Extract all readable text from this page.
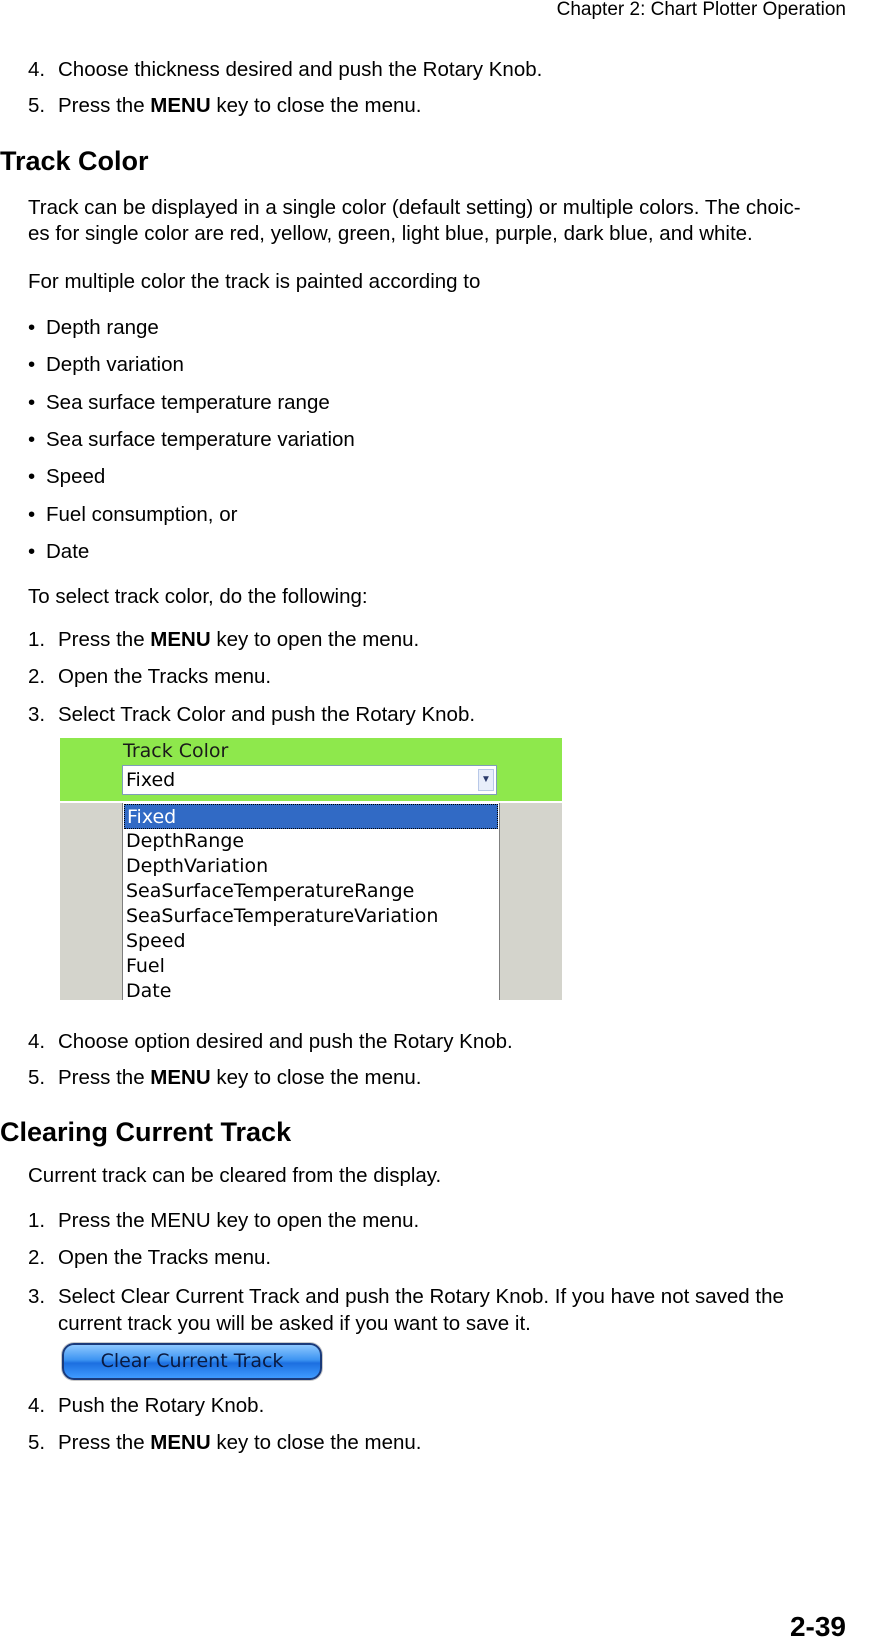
Chapter 2: Chart Plotter Operation
4. Choose thickness desired and push the Rotary Knob.
5. Press the MENU key to close the menu.
Track Color
Track can be displayed in a single color (default setting) or multiple colors. The choic-
es for single color are red, yellow, green, light blue, purple, dark blue, and white.
For multiple color the track is painted according to
• Depth range
• Depth variation
• Sea surface temperature range
• Sea surface temperature variation
• Speed
• Fuel consumption, or
• Date
To select track color, do the following:
1. Press the MENU key to open the menu.
2. Open the Tracks menu.
3. Select Track Color and push the Rotary Knob.
Track Color
Fixed	▼
Fixed
DepthRange
DepthVariation
SeaSurfaceTemperatureRange
SeaSurfaceTemperatureVariation
Speed
Fuel
Date
4. Choose option desired and push the Rotary Knob.
5. Press the MENU key to close the menu.
Clearing Current Track
Current track can be cleared from the display.
1. Press the MENU key to open the menu.
2. Open the Tracks menu.
3. Select Clear Current Track and push the Rotary Knob. If you have not saved the
current track you will be asked if you want to save it.
Clear Current Track
4. Push the Rotary Knob.
5. Press the MENU key to close the menu.
2-39
